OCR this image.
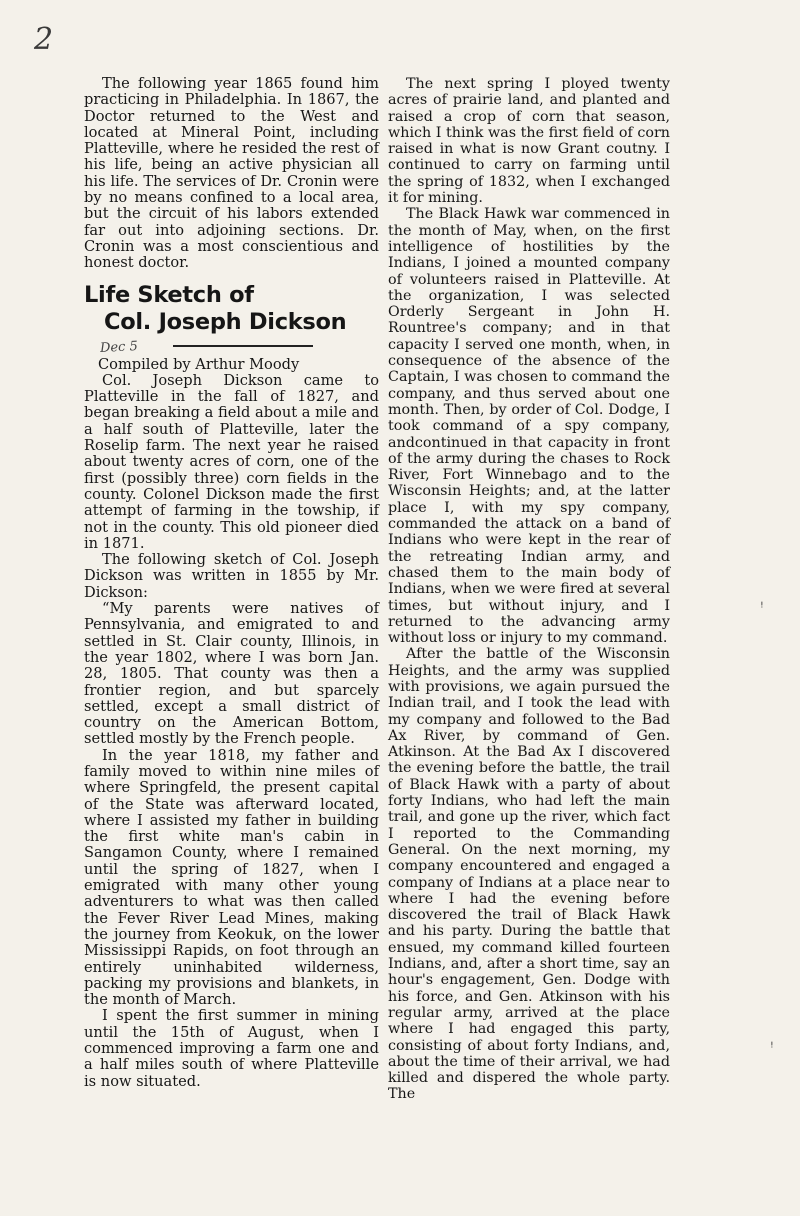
2

The following year 1865 found him practicing in Philadelphia. In 1867, the Doctor returned to the West and located at Mineral Point, including Platteville, where he resided the rest of his life, being an active physician all his life. The services of Dr. Cronin were by no means confined to a local area, but the circuit of his labors extended far out into adjoining sections. Dr. Cronin was a most conscientious and honest doctor.

Life Sketch of
Col. Joseph Dickson
Dec 5

Compiled by Arthur Moody

Col. Joseph Dickson came to Platteville in the fall of 1827, and began breaking a field about a mile and a half south of Platteville, later the Roselip farm. The next year he raised about twenty acres of corn, one of the first (possibly three) corn fields in the county. Colonel Dickson made the first attempt of farming in the towship, if not in the county. This old pioneer died in 1871.

The following sketch of Col. Joseph Dickson was written in 1855 by Mr. Dickson:

“My parents were natives of Pennsylvania, and emigrated to and settled in St. Clair county, Illinois, in the year 1802, where I was born Jan. 28, 1805. That county was then a frontier region, and but sparcely settled, except a small district of country on the American Bottom, settled mostly by the French people.

In the year 1818, my father and family moved to within nine miles of where Springfeld, the present capital of the State was afterward located, where I assisted my father in building the first white man's cabin in Sangamon County, where I remained until the spring of 1827, when I emigrated with many other young adventurers to what was then called the Fever River Lead Mines, making the journey from Keokuk, on the lower Mississippi Rapids, on foot through an entirely uninhabited wilderness, packing my provisions and blankets, in the month of March.

I spent the first summer in mining until the 15th of August, when I commenced improving a farm one and a half miles south of where Platteville is now situated.

The next spring I ployed twenty acres of prairie land, and planted and raised a crop of corn that season, which I think was the first field of corn raised in what is now Grant coutny. I continued to carry on farming until the spring of 1832, when I exchanged it for mining.

The Black Hawk war commenced in the month of May, when, on the first intelligence of hostilities by the Indians, I joined a mounted company of volunteers raised in Platteville. At the organization, I was selected Orderly Sergeant in John H. Rountree's company; and in that capacity I served one month, when, in consequence of the absence of the Captain, I was chosen to command the company, and thus served about one month. Then, by order of Col. Dodge, I took command of a spy company, andcontinued in that capacity in front of the army during the chases to Rock River, Fort Winnebago and to the Wisconsin Heights; and, at the latter place I, with my spy company, commanded the attack on a band of Indians who were kept in the rear of the retreating Indian army, and chased them to the main body of Indians, when we were fired at several times, but without injury, and I returned to the advancing army without loss or injury to my command.

After the battle of the Wisconsin Heights, and the army was supplied with provisions, we again pursued the Indian trail, and I took the lead with my company and followed to the Bad Ax River, by command of Gen. Atkinson. At the Bad Ax I discovered the evening before the battle, the trail of Black Hawk with a party of about forty Indians, who had left the main trail, and gone up the river, which fact I reported to the Commanding General. On the next morning, my company encountered and engaged a company of Indians at a place near to where I had the evening before discovered the trail of Black Hawk and his party. During the battle that ensued, my command killed fourteen Indians, and, after a short time, say an hour's engagement, Gen. Dodge with his force, and Gen. Atkinson with his regular army, arrived at the place where I had engaged this party, consisting of about forty Indians, and, about the time of their arrival, we had killed and dispered the whole party. The

ꜝ
ꜝ
